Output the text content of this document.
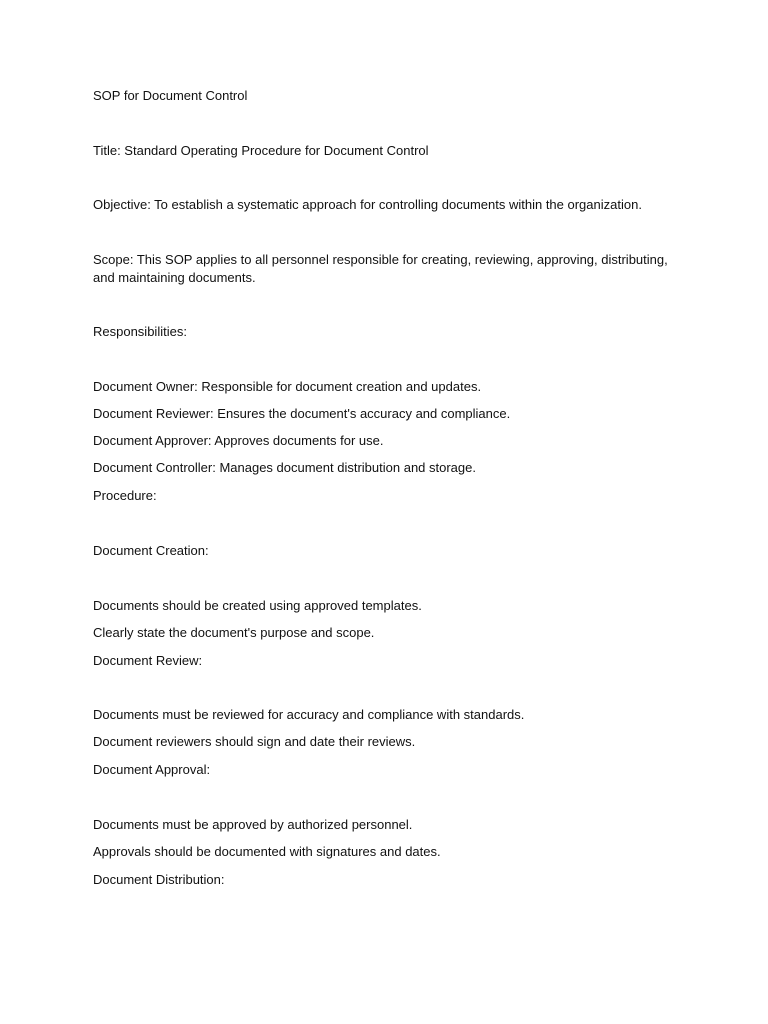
SOP for Document Control
Title: Standard Operating Procedure for Document Control
Objective: To establish a systematic approach for controlling documents within the organization.
Scope: This SOP applies to all personnel responsible for creating, reviewing, approving, distributing, and maintaining documents.
Responsibilities:
Document Owner: Responsible for document creation and updates.
Document Reviewer: Ensures the document's accuracy and compliance.
Document Approver: Approves documents for use.
Document Controller: Manages document distribution and storage.
Procedure:
Document Creation:
Documents should be created using approved templates.
Clearly state the document's purpose and scope.
Document Review:
Documents must be reviewed for accuracy and compliance with standards.
Document reviewers should sign and date their reviews.
Document Approval:
Documents must be approved by authorized personnel.
Approvals should be documented with signatures and dates.
Document Distribution:
